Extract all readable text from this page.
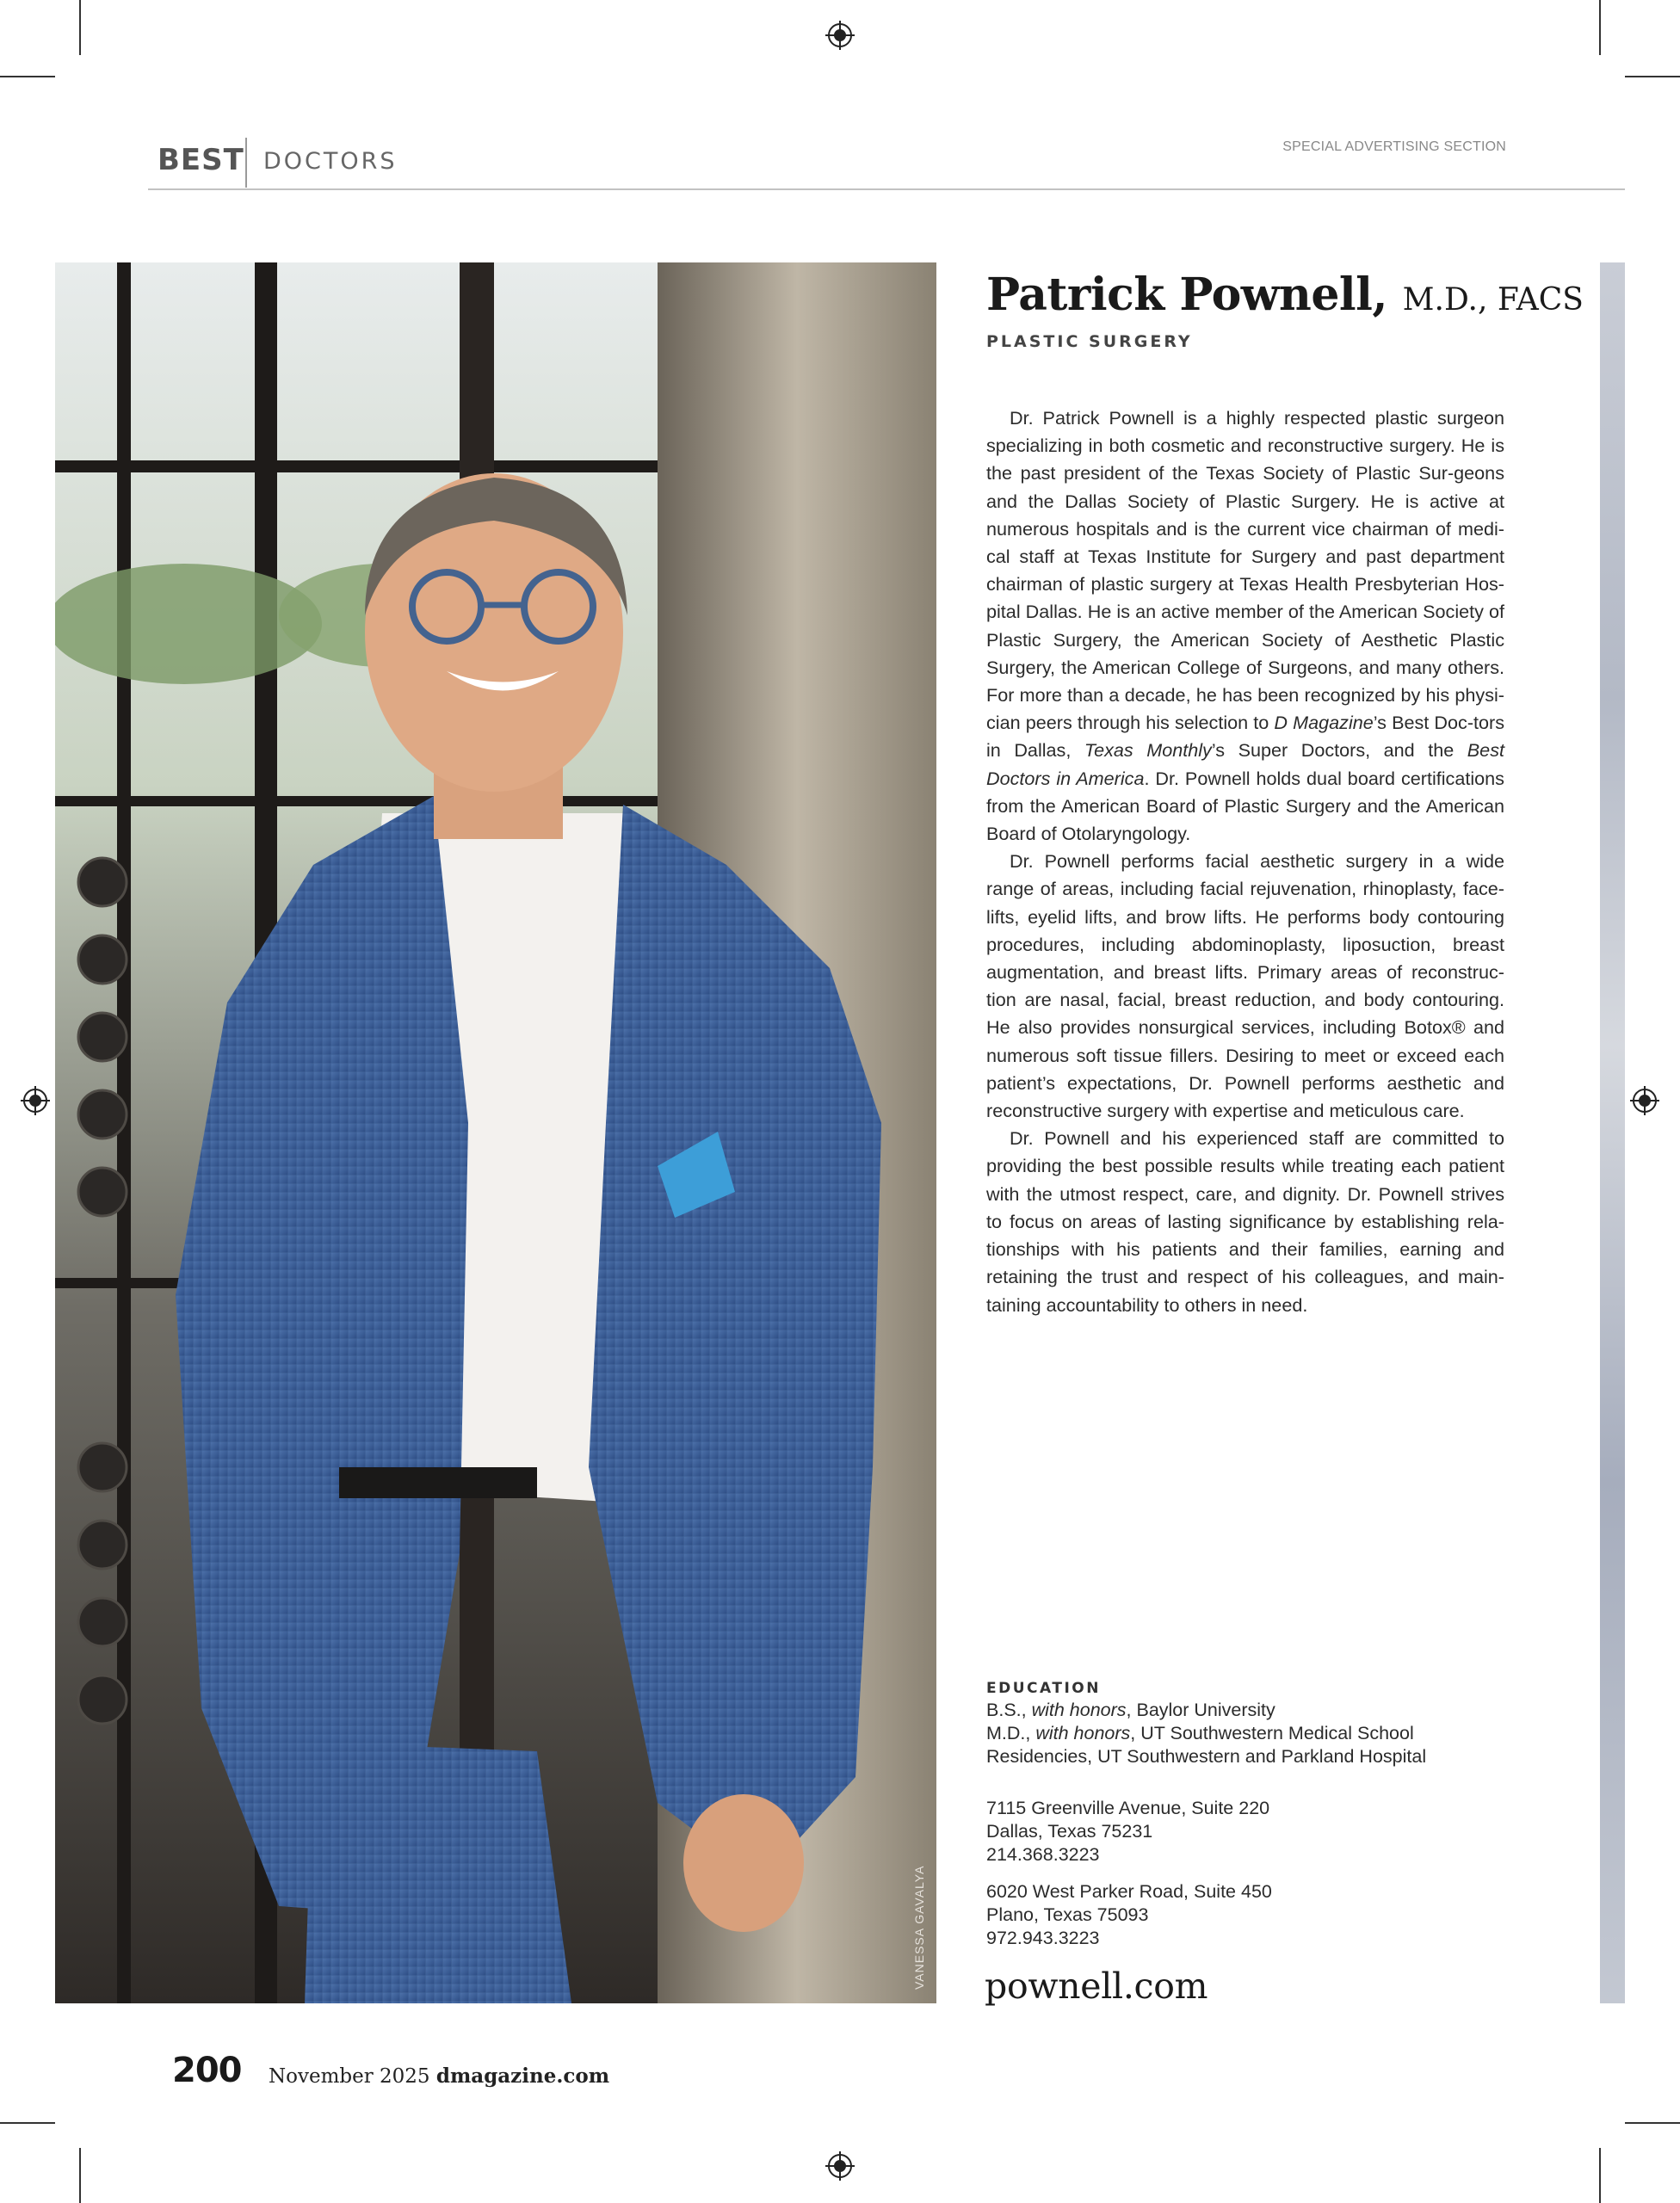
BEST DOCTORS
SPECIAL ADVERTISING SECTION
VANESSA GAVALYA
Patrick Pownell, M.D., FACS
PLASTIC SURGERY

Dr. Patrick Pownell is a highly respected plastic surgeon specializing in both cosmetic and reconstructive surgery. He is the past president of the Texas Society of Plastic Sur-geons and the Dallas Society of Plastic Surgery. He is active at numerous hospitals and is the current vice chairman of medi-cal staff at Texas Institute for Surgery and past department chairman of plastic surgery at Texas Health Presbyterian Hos-pital Dallas. He is an active member of the American Society of Plastic Surgery, the American Society of Aesthetic Plastic Surgery, the American College of Surgeons, and many others. For more than a decade, he has been recognized by his physi-cian peers through his selection to D Magazine’s Best Doc-tors in Dallas, Texas Monthly’s Super Doctors, and the Best Doctors in America. Dr. Pownell holds dual board certifications from the American Board of Plastic Surgery and the American Board of Otolaryngology.

Dr. Pownell performs facial aesthetic surgery in a wide range of areas, including facial rejuvenation, rhinoplasty, face-lifts, eyelid lifts, and brow lifts. He performs body contouring procedures, including abdominoplasty, liposuction, breast augmentation, and breast lifts. Primary areas of reconstruc-tion are nasal, facial, breast reduction, and body contouring. He also provides nonsurgical services, including Botox® and numerous soft tissue fillers. Desiring to meet or exceed each patient’s expectations, Dr. Pownell performs aesthetic and reconstructive surgery with expertise and meticulous care.

Dr. Pownell and his experienced staff are committed to providing the best possible results while treating each patient with the utmost respect, care, and dignity. Dr. Pownell strives to focus on areas of lasting significance by establishing rela-tionships with his patients and their families, earning and retaining the trust and respect of his colleagues, and main-taining accountability to others in need.

EDUCATION
B.S., with honors, Baylor University
M.D., with honors, UT Southwestern Medical School
Residencies, UT Southwestern and Parkland Hospital
7115 Greenville Avenue, Suite 220
Dallas, Texas 75231
214.368.3223
6020 West Parker Road, Suite 450
Plano, Texas 75093
972.943.3223
pownell.com
200 November 2025 dmagazine.com
